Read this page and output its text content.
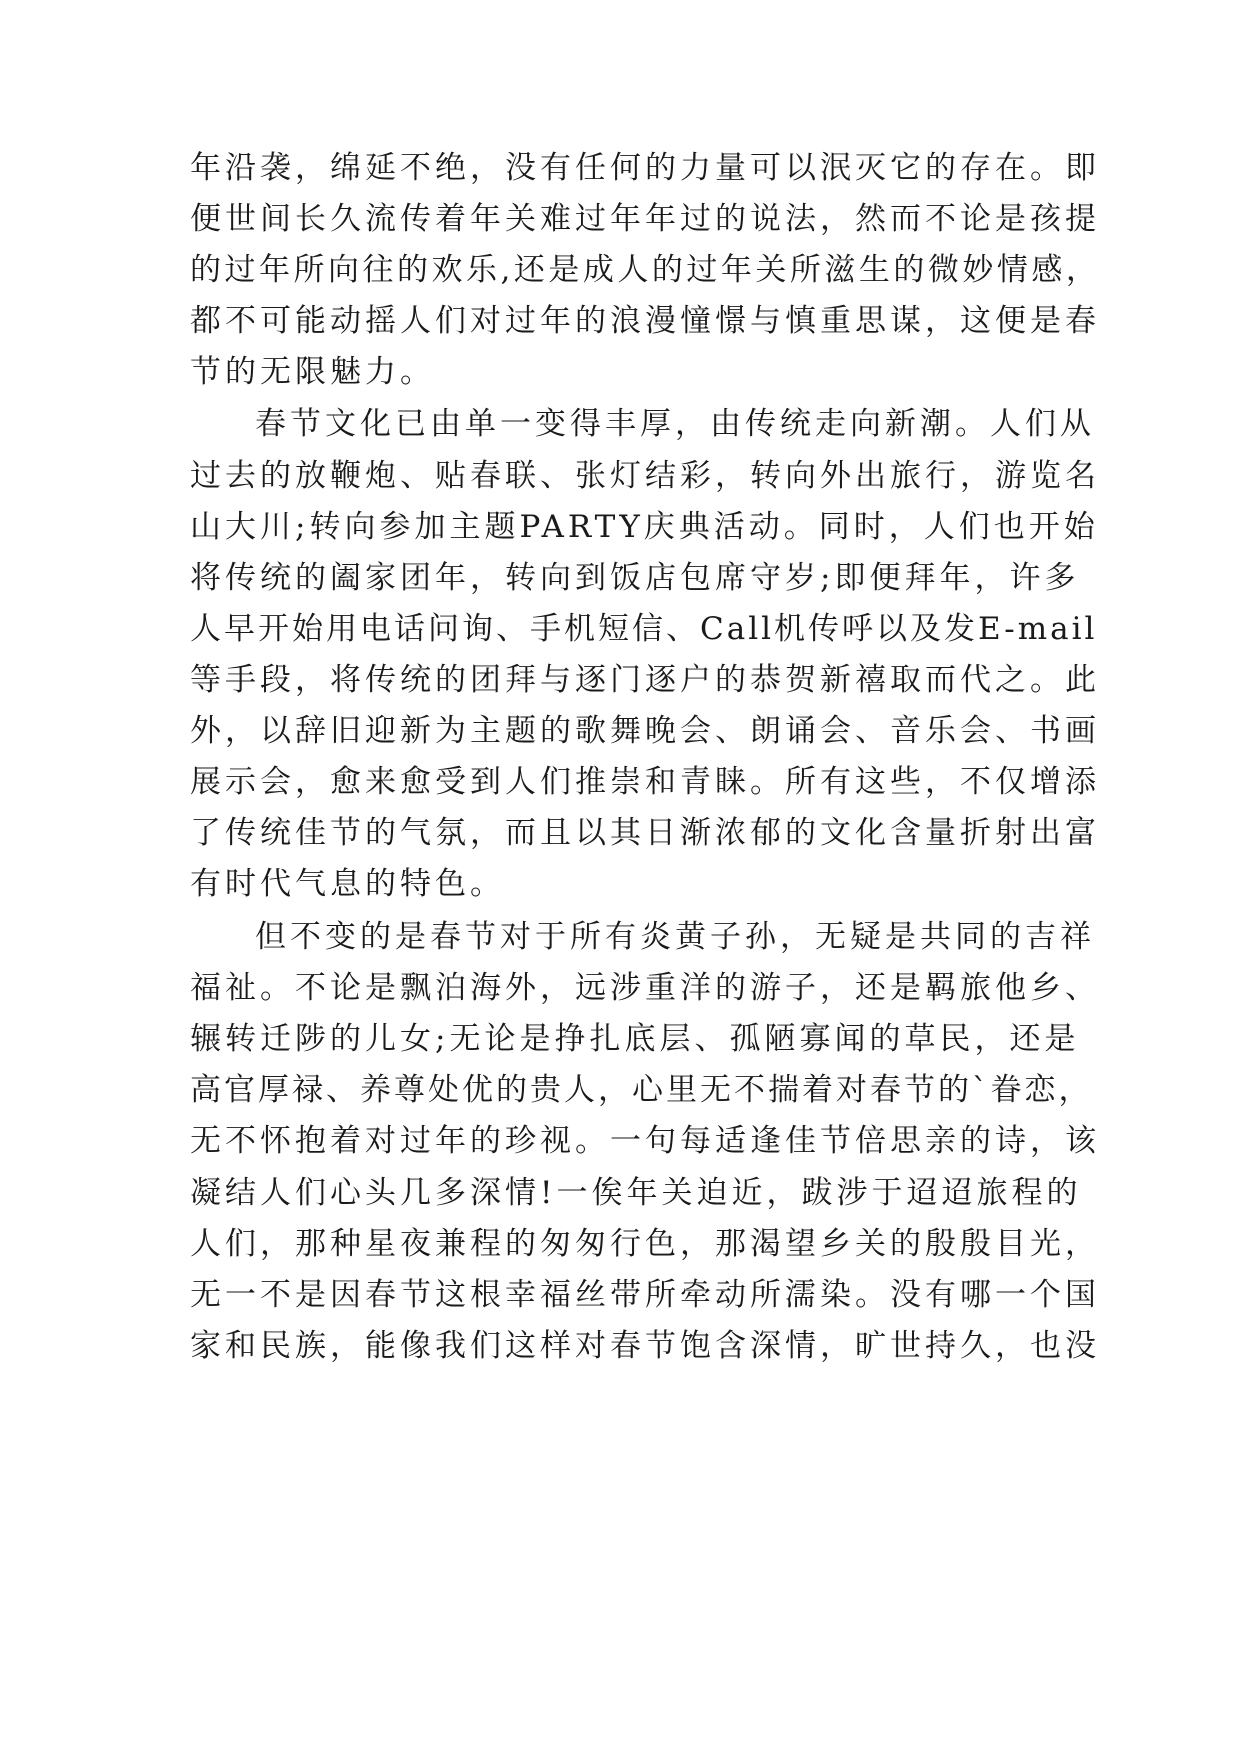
年沿袭，绵延不绝，没有任何的力量可以泯灭它的存在。即
便世间长久流传着年关难过年年过的说法，然而不论是孩提
的过年所向往的欢乐,还是成人的过年关所滋生的微妙情感，
都不可能动摇人们对过年的浪漫憧憬与慎重思谋，这便是春
节的无限魅力。
春节文化已由单一变得丰厚，由传统走向新潮。人们从
过去的放鞭炮、贴春联、张灯结彩，转向外出旅行，游览名
山大川;转向参加主题PARTY庆典活动。同时，人们也开始
将传统的阖家团年，转向到饭店包席守岁;即便拜年，许多
人早开始用电话问询、手机短信、Call机传呼以及发E-mail
等手段，将传统的团拜与逐门逐户的恭贺新禧取而代之。此
外，以辞旧迎新为主题的歌舞晚会、朗诵会、音乐会、书画
展示会，愈来愈受到人们推崇和青睐。所有这些，不仅增添
了传统佳节的气氛，而且以其日渐浓郁的文化含量折射出富
有时代气息的特色。
但不变的是春节对于所有炎黄子孙，无疑是共同的吉祥
福祉。不论是飘泊海外，远涉重洋的游子，还是羁旅他乡、
辗转迁陟的儿女;无论是挣扎底层、孤陋寡闻的草民，还是
高官厚禄、养尊处优的贵人，心里无不揣着对春节的`眷恋，
无不怀抱着对过年的珍视。一句每适逢佳节倍思亲的诗，该
凝结人们心头几多深情!一俟年关迫近，跋涉于迢迢旅程的
人们，那种星夜兼程的匆匆行色，那渴望乡关的殷殷目光，
无一不是因春节这根幸福丝带所牵动所濡染。没有哪一个国
家和民族，能像我们这样对春节饱含深情，旷世持久，也没
